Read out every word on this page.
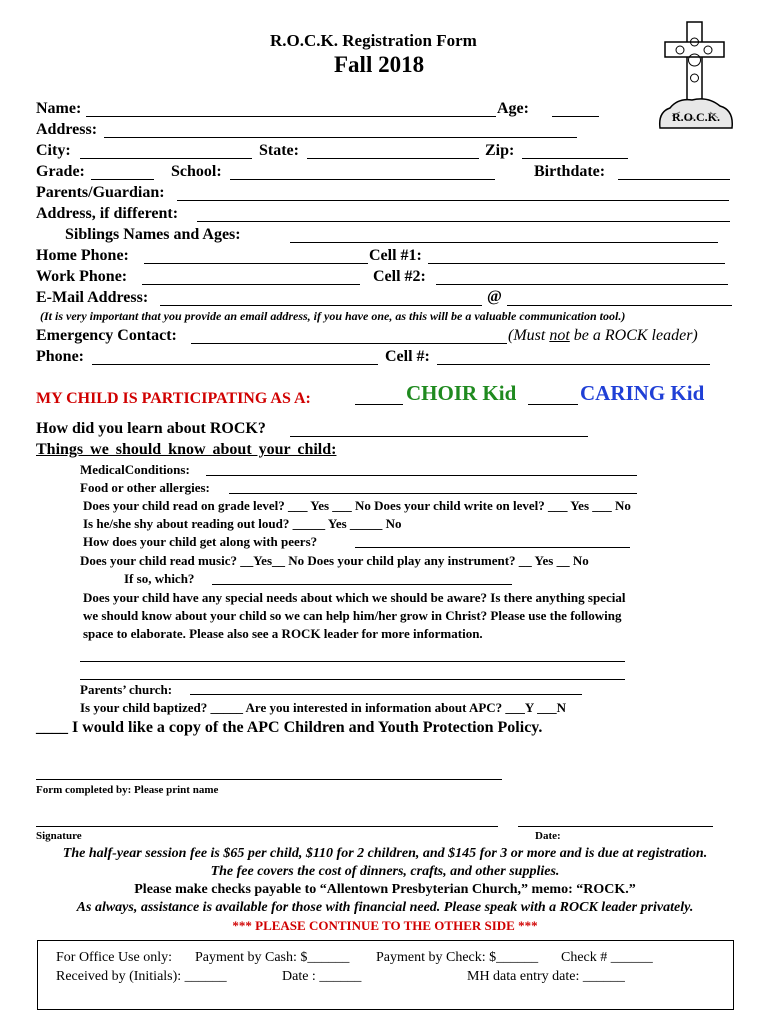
R.O.C.K. Registration Form
Fall 2018
R.O.C.K.
Name:	Age:
Address:
City:	State:	Zip:
Grade:	School:	Birthdate:
Parents/Guardian:
Address, if different:
Siblings Names and Ages:
Home Phone:	Cell #1:
Work Phone:	Cell #2:
E-Mail Address:	@
(It is very important that you provide an email address, if you have one, as this will be a valuable communication tool.)
Emergency Contact:	(Must not be a ROCK leader)
Phone:	Cell #:
MY CHILD IS PARTICIPATING AS A:	CHOIR Kid	CARING Kid
How did you learn about ROCK?
Things we should know about your child:
MedicalConditions:
Food or other allergies:
Does your child read on grade level? ___ Yes ___ No Does your child write on level? ___ Yes ___ No
Is he/she shy about reading out loud? _____ Yes _____ No
How does your child get along with peers?
Does your child read music? __Yes__ No Does your child play any instrument? __ Yes __ No
If so, which?
Does your child have any special needs about which we should be aware? Is there anything special
we should know about your child so we can help him/her grow in Christ? Please use the following
space to elaborate. Please also see a ROCK leader for more information.
Parents’ church:
Is your child baptized? _____ Are you interested in information about APC? ___Y ___N
____ I would like a copy of the APC Children and Youth Protection Policy.
Form completed by: Please print name
Signature	Date:
The half-year session fee is $65 per child, $110 for 2 children, and $145 for 3 or more and is due at registration.
The fee covers the cost of dinners, crafts, and other supplies.
Please make checks payable to “Allentown Presbyterian Church,” memo: “ROCK.”
As always, assistance is available for those with financial need. Please speak with a ROCK leader privately.
*** PLEASE CONTINUE TO THE OTHER SIDE ***
For Office Use only: Payment by Cash: $______ Payment by Check: $______ Check # ______
Received by (Initials): ______	Date : ______	MH data entry date: ______
